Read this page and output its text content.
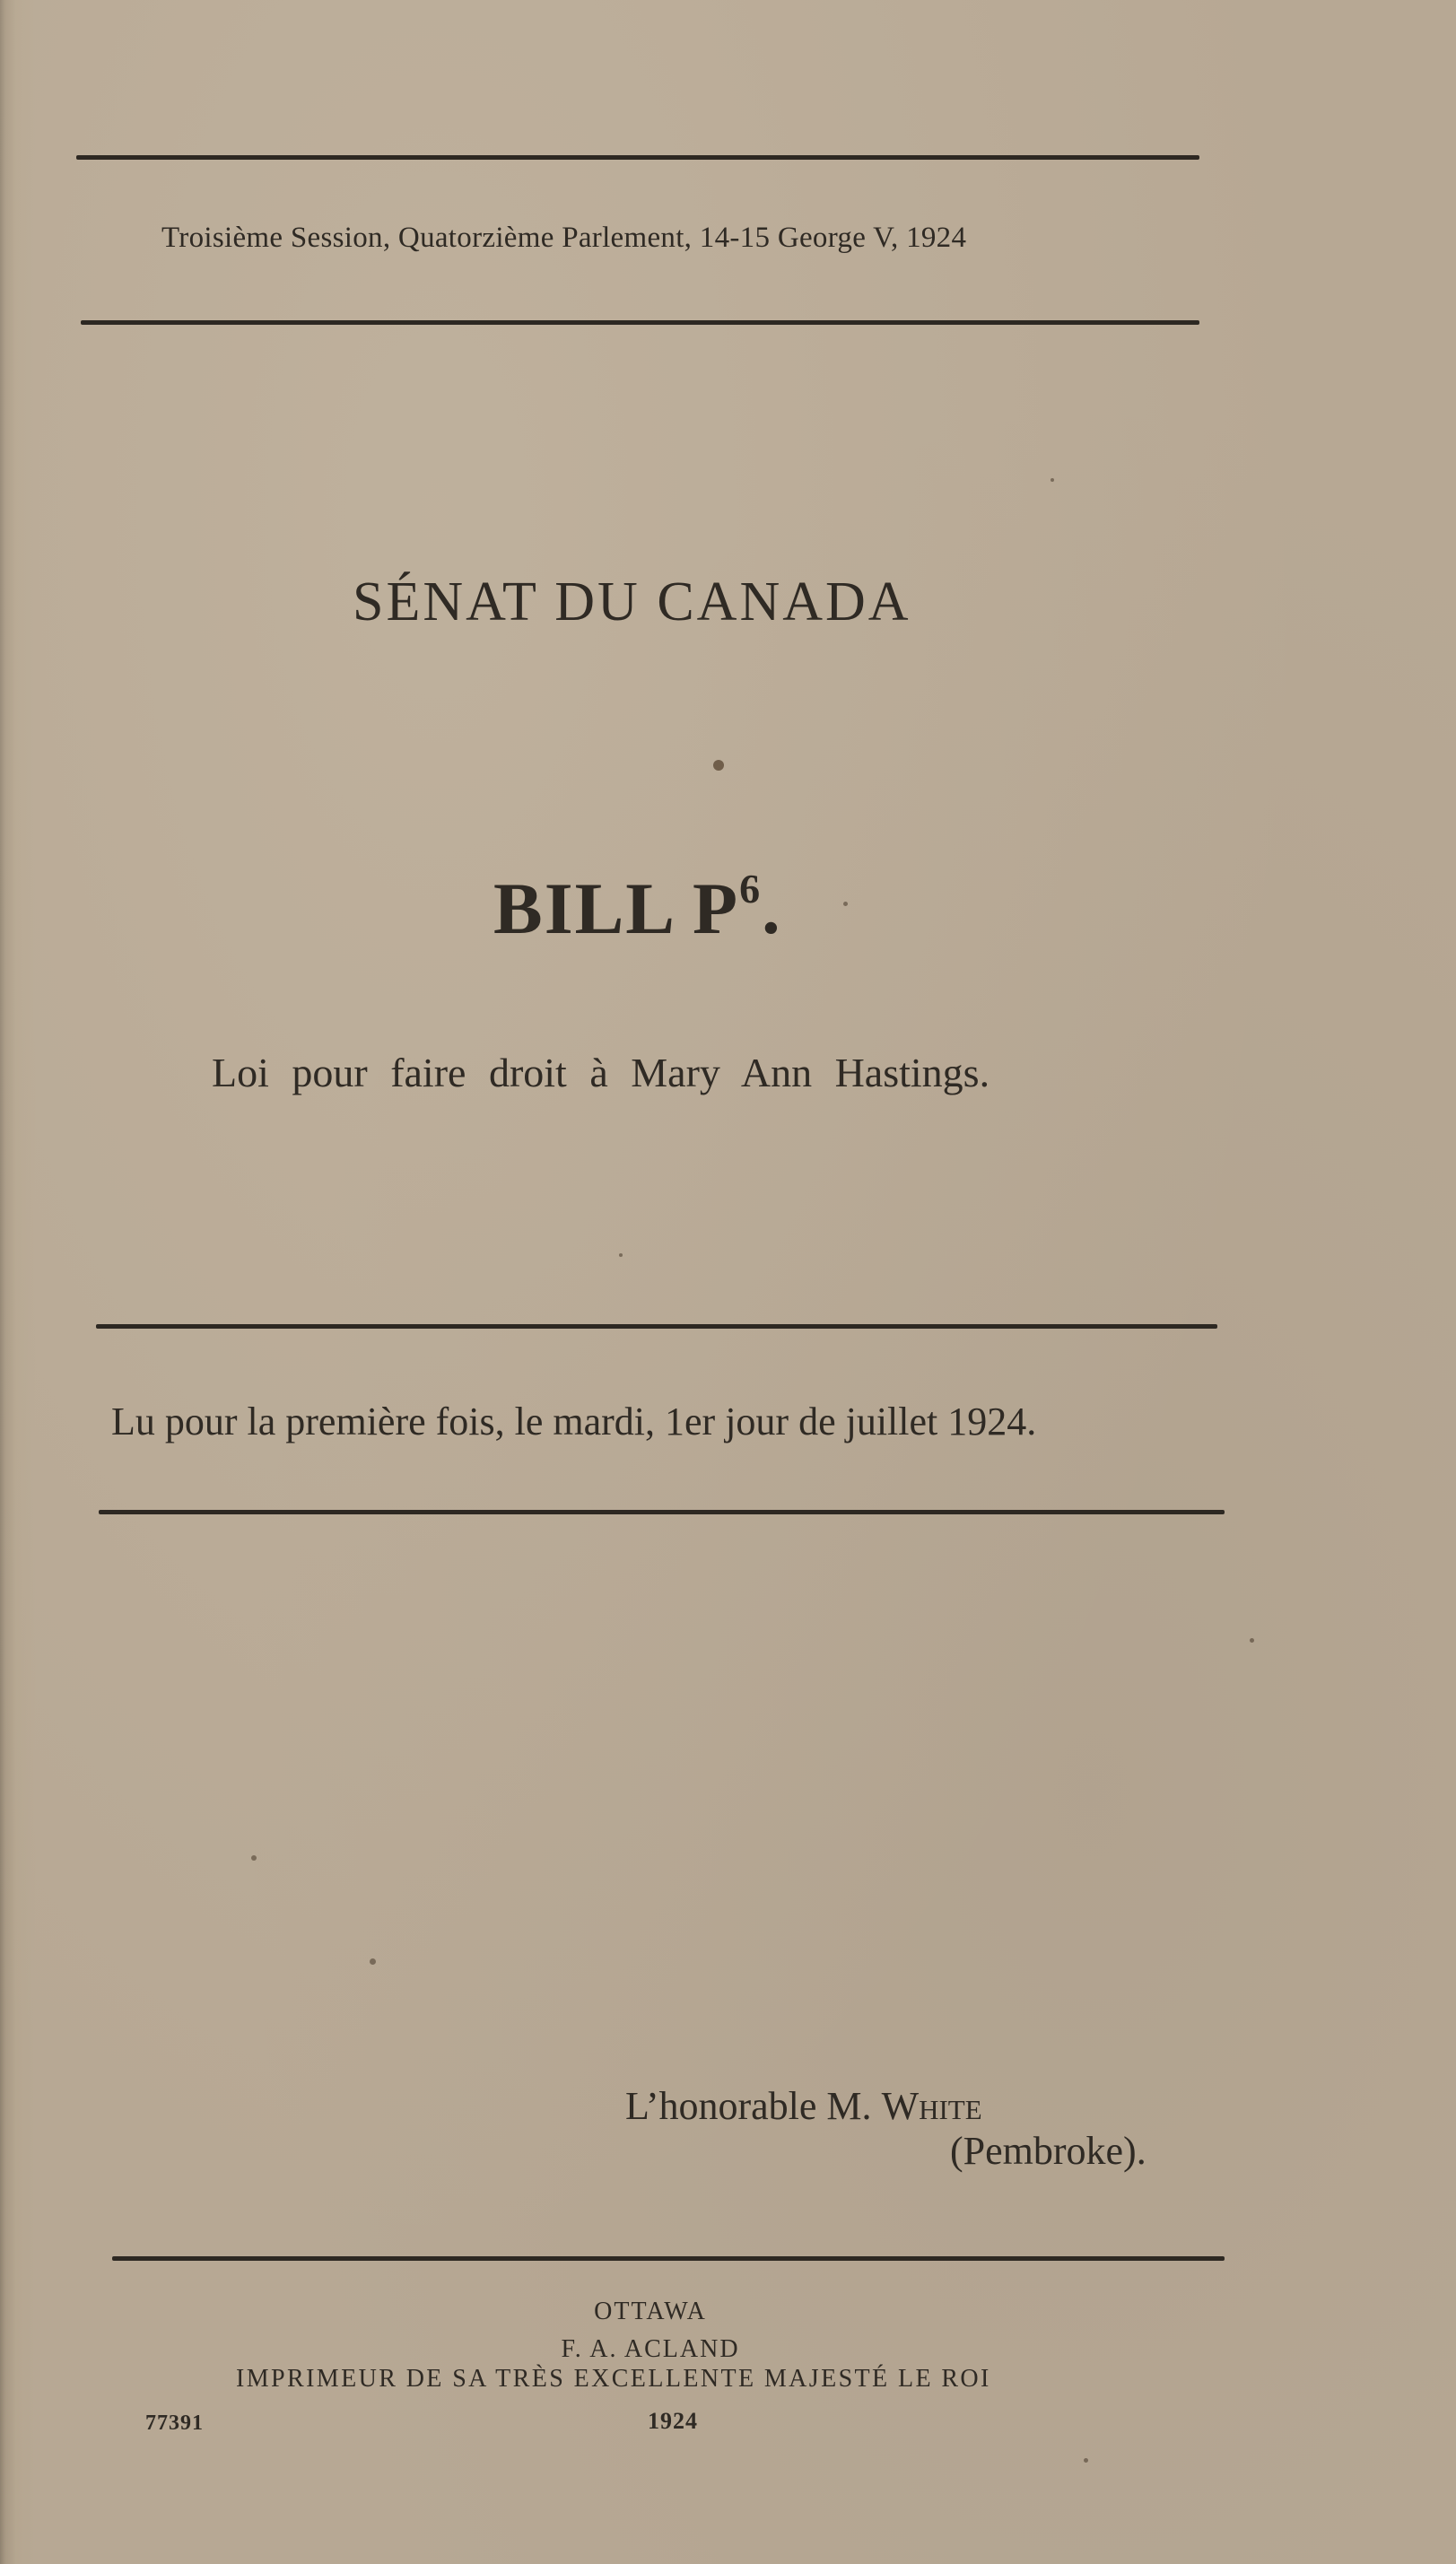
Troisième Session, Quatorzième Parlement, 14-15 George V, 1924
SÉNAT DU CANADA
BILL $P^6$.
Loi pour faire droit à Mary Ann Hastings.
Lu pour la première fois, le mardi, 1er jour de juillet 1924.
L’honorable M. White
(Pembroke).
OTTAWA
F. A. ACLAND
IMPRIMEUR DE SA TRÈS EXCELLENTE MAJESTÉ LE ROI
77391	1924
